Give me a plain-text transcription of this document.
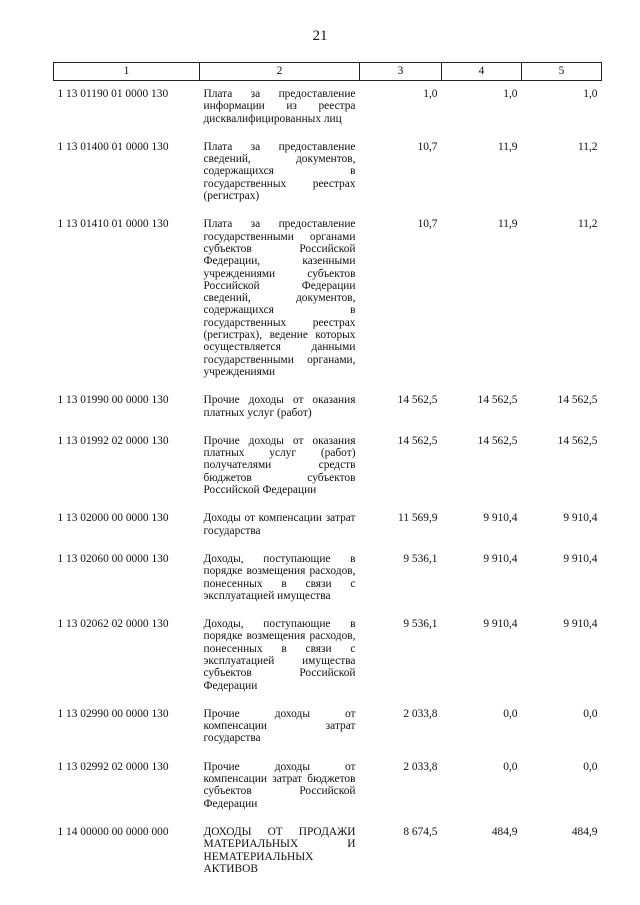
21
1	2	3	4	5
1 13 01190 01 0000 130	Плата за предоставление информации из реестра дисквалифицированных лиц	1,0	1,0	1,0
1 13 01400 01 0000 130	Плата за предоставление сведений, документов, содержащихся в государственных реестрах (регистрах)	10,7	11,9	11,2
1 13 01410 01 0000 130	Плата за предоставление государственными органами субъектов Российской Федерации, казенными учреждениями субъектов Российской Федерации сведений, документов, содержащихся в государственных реестрах (регистрах), ведение которых осуществляется данными государственными органами, учреждениями	10,7	11,9	11,2
1 13 01990 00 0000 130	Прочие доходы от оказания платных услуг (работ)	14 562,5	14 562,5	14 562,5
1 13 01992 02 0000 130	Прочие доходы от оказания платных услуг (работ) получателями средств бюджетов субъектов Российской Федерации	14 562,5	14 562,5	14 562,5
1 13 02000 00 0000 130	Доходы от компенсации затрат государства	11 569,9	9 910,4	9 910,4
1 13 02060 00 0000 130	Доходы, поступающие в порядке возмещения расходов, понесенных в связи с эксплуатацией имущества	9 536,1	9 910,4	9 910,4
1 13 02062 02 0000 130	Доходы, поступающие в порядке возмещения расходов, понесенных в связи с эксплуатацией имущества субъектов Российской Федерации	9 536,1	9 910,4	9 910,4
1 13 02990 00 0000 130	Прочие доходы от компенсации затрат государства	2 033,8	0,0	0,0
1 13 02992 02 0000 130	Прочие доходы от компенсации затрат бюджетов субъектов Российской Федерации	2 033,8	0,0	0,0
1 14 00000 00 0000 000	ДОХОДЫ ОТ ПРОДАЖИ МАТЕРИАЛЬНЫХ И НЕМАТЕРИАЛЬНЫХ АКТИВОВ	8 674,5	484,9	484,9
